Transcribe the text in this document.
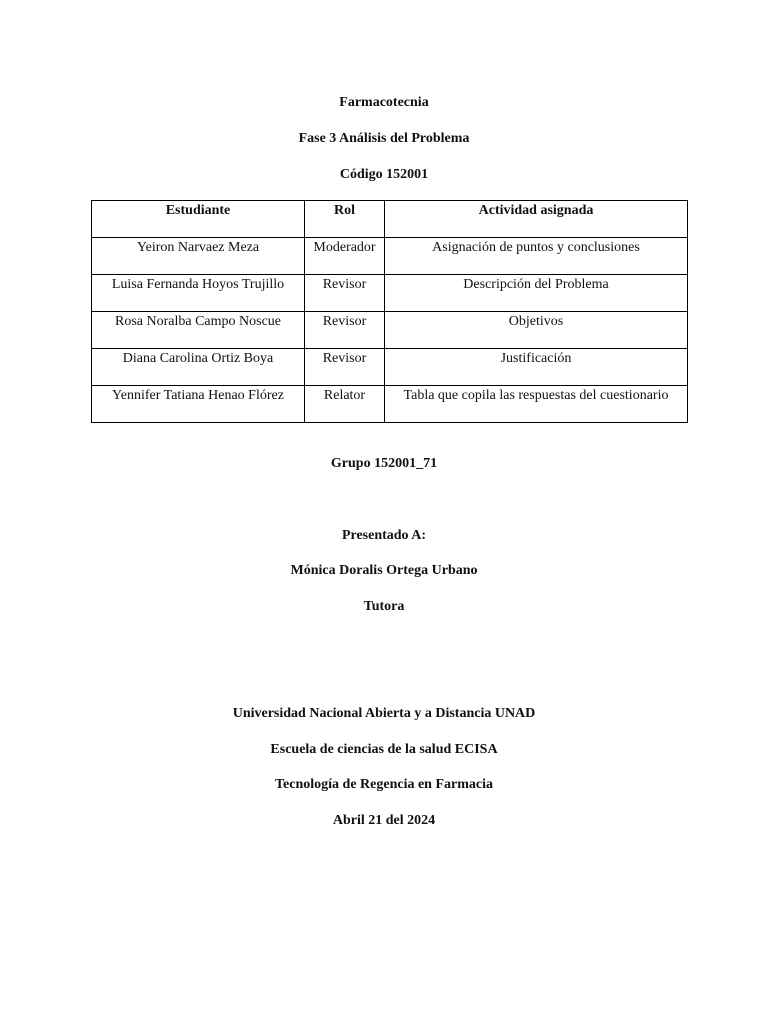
Farmacotecnia
Fase 3 Análisis del Problema
Código 152001
Estudiante	Rol	Actividad asignada
Yeiron Narvaez Meza	Moderador	Asignación de puntos y conclusiones
Luisa Fernanda Hoyos Trujillo	Revisor	Descripción del Problema
Rosa Noralba Campo Noscue	Revisor	Objetivos
Diana Carolina Ortiz Boya	Revisor	Justificación
Yennifer Tatiana Henao Flórez	Relator	Tabla que copila las respuestas del cuestionario
Grupo 152001_71
Presentado A:
Mónica Doralis Ortega Urbano
Tutora
Universidad Nacional Abierta y a Distancia UNAD
Escuela de ciencias de la salud ECISA
Tecnología de Regencia en Farmacia
Abril 21 del 2024
